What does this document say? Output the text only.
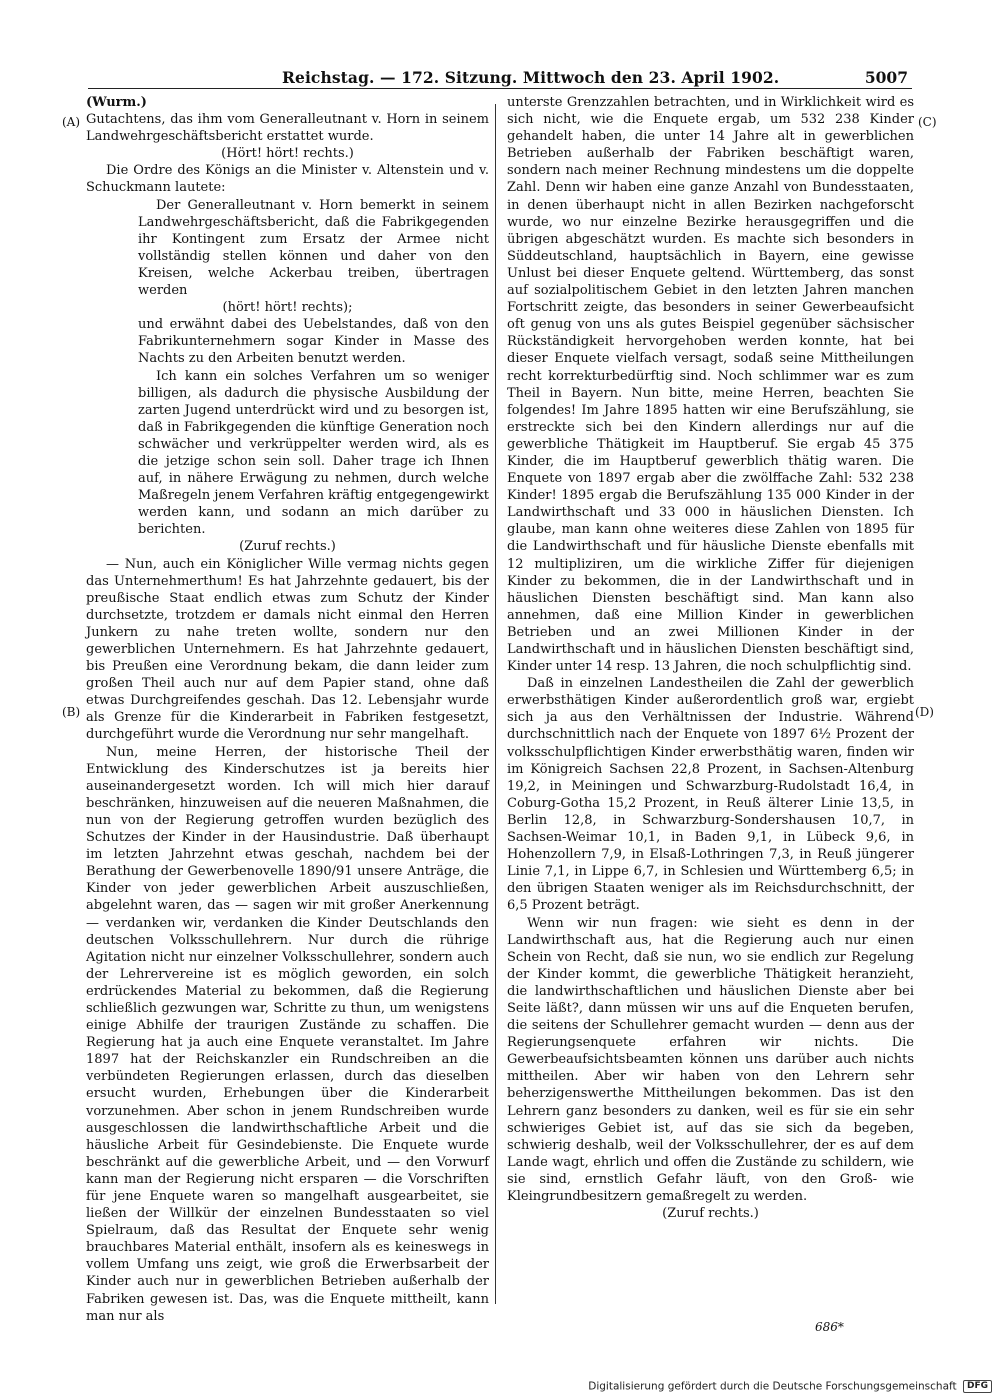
Reichstag. — 172. Sitzung. Mittwoch den 23. April 1902.	5007
(A)
(B)
(C)
(D)

(Wurm.)

Gutachtens, das ihm vom Generalleutnant v. Horn in seinem Landwehrgeschäftsbericht erstattet wurde.

(Hört! hört! rechts.)

Die Ordre des Königs an die Minister v. Altenstein und v. Schuckmann lautete:

Der Generalleutnant v. Horn bemerkt in seinem Landwehrgeschäftsbericht, daß die Fabrikgegenden ihr Kontingent zum Ersatz der Armee nicht vollständig stellen können und daher von den Kreisen, welche Ackerbau treiben, übertragen werden

(hört! hört! rechts);

und erwähnt dabei des Uebelstandes, daß von den Fabrikunternehmern sogar Kinder in Masse des Nachts zu den Arbeiten benutzt werden.

Ich kann ein solches Verfahren um so weniger billigen, als dadurch die physische Ausbildung der zarten Jugend unterdrückt wird und zu besorgen ist, daß in Fabrikgegenden die künftige Generation noch schwächer und verkrüppelter werden wird, als es die jetzige schon sein soll. Daher trage ich Ihnen auf, in nähere Erwägung zu nehmen, durch welche Maßregeln jenem Verfahren kräftig entgegengewirkt werden kann, und sodann an mich darüber zu berichten.

(Zuruf rechts.)

— Nun, auch ein Königlicher Wille vermag nichts gegen das Unternehmerthum! Es hat Jahrzehnte gedauert, bis der preußische Staat endlich etwas zum Schutz der Kinder durchsetzte, trotzdem er damals nicht einmal den Herren Junkern zu nahe treten wollte, sondern nur den gewerblichen Unternehmern. Es hat Jahrzehnte gedauert, bis Preußen eine Verordnung bekam, die dann leider zum großen Theil auch nur auf dem Papier stand, ohne daß etwas Durchgreifendes geschah. Das 12. Lebensjahr wurde als Grenze für die Kinderarbeit in Fabriken festgesetzt, durchgeführt wurde die Verordnung nur sehr mangelhaft.

Nun, meine Herren, der historische Theil der Entwicklung des Kinderschutzes ist ja bereits hier auseinandergesetzt worden. Ich will mich hier darauf beschränken, hinzuweisen auf die neueren Maßnahmen, die nun von der Regierung getroffen wurden bezüglich des Schutzes der Kinder in der Hausindustrie. Daß überhaupt im letzten Jahrzehnt etwas geschah, nachdem bei der Berathung der Gewerbenovelle 1890/91 unsere Anträge, die Kinder von jeder gewerblichen Arbeit auszuschließen, abgelehnt waren, das — sagen wir mit großer Anerkennung — verdanken wir, verdanken die Kinder Deutschlands den deutschen Volksschullehrern. Nur durch die rührige Agitation nicht nur einzelner Volksschullehrer, sondern auch der Lehrervereine ist es möglich geworden, ein solch erdrückendes Material zu bekommen, daß die Regierung schließlich gezwungen war, Schritte zu thun, um wenigstens einige Abhilfe der traurigen Zustände zu schaffen. Die Regierung hat ja auch eine Enquete veranstaltet. Im Jahre 1897 hat der Reichskanzler ein Rundschreiben an die verbündeten Regierungen erlassen, durch das dieselben ersucht wurden, Erhebungen über die Kinderarbeit vorzunehmen. Aber schon in jenem Rundschreiben wurde ausgeschlossen die landwirthschaftliche Arbeit und die häusliche Arbeit für Gesindebienste. Die Enquete wurde beschränkt auf die gewerbliche Arbeit, und — den Vorwurf kann man der Regierung nicht ersparen — die Vorschriften für jene Enquete waren so mangelhaft ausgearbeitet, sie ließen der Willkür der einzelnen Bundesstaaten so viel Spielraum, daß das Resultat der Enquete sehr wenig brauchbares Material enthält, insofern als es keineswegs in vollem Umfang uns zeigt, wie groß die Erwerbsarbeit der Kinder auch nur in gewerblichen Betrieben außerhalb der Fabriken gewesen ist. Das, was die Enquete mittheilt, kann man nur als

unterste Grenzzahlen betrachten, und in Wirklichkeit wird es sich nicht, wie die Enquete ergab, um 532 238 Kinder gehandelt haben, die unter 14 Jahre alt in gewerblichen Betrieben außerhalb der Fabriken beschäftigt waren, sondern nach meiner Rechnung mindestens um die doppelte Zahl. Denn wir haben eine ganze Anzahl von Bundesstaaten, in denen überhaupt nicht in allen Bezirken nachgeforscht wurde, wo nur einzelne Bezirke herausgegriffen und die übrigen abgeschätzt wurden. Es machte sich besonders in Süddeutschland, hauptsächlich in Bayern, eine gewisse Unlust bei dieser Enquete geltend. Württemberg, das sonst auf sozialpolitischem Gebiet in den letzten Jahren manchen Fortschritt zeigte, das besonders in seiner Gewerbeaufsicht oft genug von uns als gutes Beispiel gegenüber sächsischer Rückständigkeit hervorgehoben werden konnte, hat bei dieser Enquete vielfach versagt, sodaß seine Mittheilungen recht korrekturbedürftig sind. Noch schlimmer war es zum Theil in Bayern. Nun bitte, meine Herren, beachten Sie folgendes! Im Jahre 1895 hatten wir eine Berufszählung, sie erstreckte sich bei den Kindern allerdings nur auf die gewerbliche Thätigkeit im Hauptberuf. Sie ergab 45 375 Kinder, die im Hauptberuf gewerblich thätig waren. Die Enquete von 1897 ergab aber die zwölffache Zahl: 532 238 Kinder! 1895 ergab die Berufszählung 135 000 Kinder in der Landwirthschaft und 33 000 in häuslichen Diensten. Ich glaube, man kann ohne weiteres diese Zahlen von 1895 für die Landwirthschaft und für häusliche Dienste ebenfalls mit 12 multipliziren, um die wirkliche Ziffer für diejenigen Kinder zu bekommen, die in der Landwirthschaft und in häuslichen Diensten beschäftigt sind. Man kann also annehmen, daß eine Million Kinder in gewerblichen Betrieben und an zwei Millionen Kinder in der Landwirthschaft und in häuslichen Diensten beschäftigt sind, Kinder unter 14 resp. 13 Jahren, die noch schulpflichtig sind.

Daß in einzelnen Landestheilen die Zahl der gewerblich erwerbsthätigen Kinder außerordentlich groß war, ergiebt sich ja aus den Verhältnissen der Industrie. Während durchschnittlich nach der Enquete von 1897 6½ Prozent der volksschulpflichtigen Kinder erwerbsthätig waren, finden wir im Königreich Sachsen 22,8 Prozent, in Sachsen-Altenburg 19,2, in Meiningen und Schwarzburg-Rudolstadt 16,4, in Coburg-Gotha 15,2 Prozent, in Reuß älterer Linie 13,5, in Berlin 12,8, in Schwarzburg-Sondershausen 10,7, in Sachsen-Weimar 10,1, in Baden 9,1, in Lübeck 9,6, in Hohenzollern 7,9, in Elsaß-Lothringen 7,3, in Reuß jüngerer Linie 7,1, in Lippe 6,7, in Schlesien und Württemberg 6,5; in den übrigen Staaten weniger als im Reichsdurchschnitt, der 6,5 Prozent beträgt.

Wenn wir nun fragen: wie sieht es denn in der Landwirthschaft aus, hat die Regierung auch nur einen Schein von Recht, daß sie nun, wo sie endlich zur Regelung der Kinder kommt, die gewerbliche Thätigkeit heranzieht, die landwirthschaftlichen und häuslichen Dienste aber bei Seite läßt?, dann müssen wir uns auf die Enqueten berufen, die seitens der Schullehrer gemacht wurden — denn aus der Regierungsenquete erfahren wir nichts. Die Gewerbeaufsichtsbeamten können uns darüber auch nichts mittheilen. Aber wir haben von den Lehrern sehr beherzigenswerthe Mittheilungen bekommen. Das ist den Lehrern ganz besonders zu danken, weil es für sie ein sehr schwieriges Gebiet ist, auf das sie sich da begeben, schwierig deshalb, weil der Volksschullehrer, der es auf dem Lande wagt, ehrlich und offen die Zustände zu schildern, wie sie sind, ernstlich Gefahr läuft, von den Groß- wie Kleingrundbesitzern gemaßregelt zu werden.

(Zuruf rechts.)

686*
Digitalisierung gefördert durch die Deutsche Forschungsgemeinschaft DFG
